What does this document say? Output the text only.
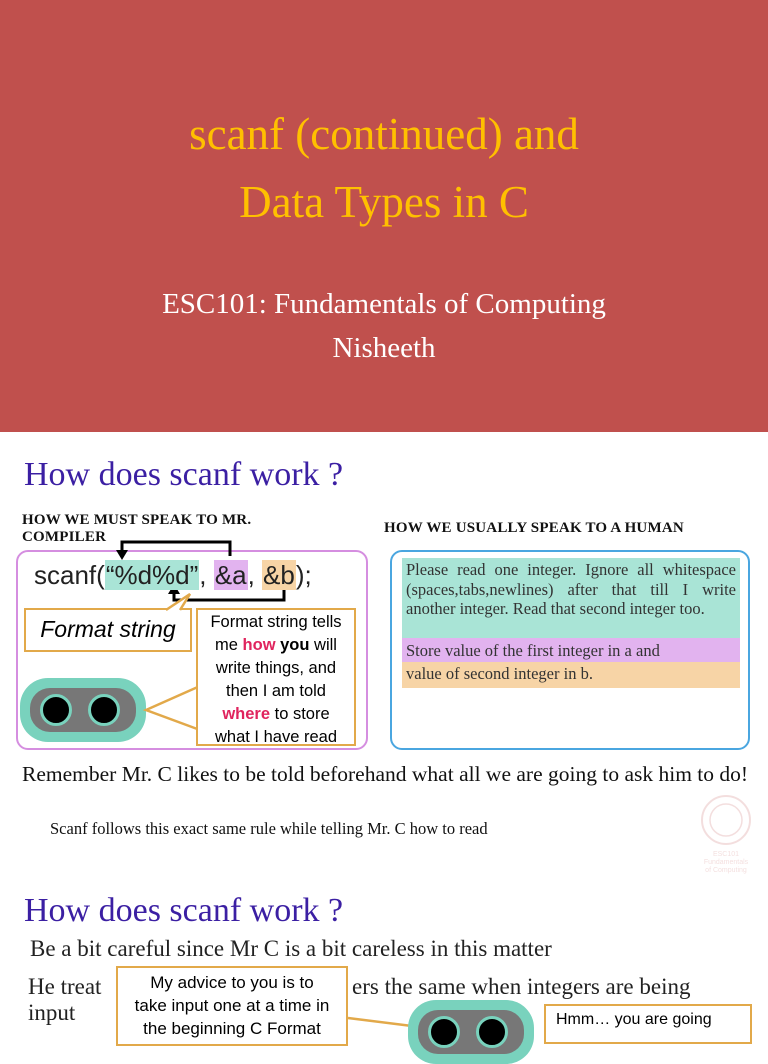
scanf (continued) and
Data Types in C
ESC101: Fundamentals of Computing
Nisheeth
How does scanf work ?
HOW WE MUST SPEAK TO MR.
COMPILER
HOW WE USUALLY SPEAK TO A HUMAN
scanf(“%d%d”, &a, &b);
Format string	Format string tells
me how you will
write things, and
then I am told
where to store
what I have read
Please read one integer. Ignore all whitespace (spaces,tabs,newlines) after that till I write another integer. Read that second integer too.
Store value of the first integer in a and
value of second integer in b.
Remember Mr. C likes to be told beforehand what all we are going to ask him to do!
Scanf follows this exact same rule while telling Mr. C how to read
ESC101 Fundamentals
of Computing
How does scanf work ?
Be a bit careful since Mr C is a bit careless in this matter
He treat	ers the same when integers are being
input
My advice to you is to
take input one at a time in
the beginning C Format	Hmm… you are going
